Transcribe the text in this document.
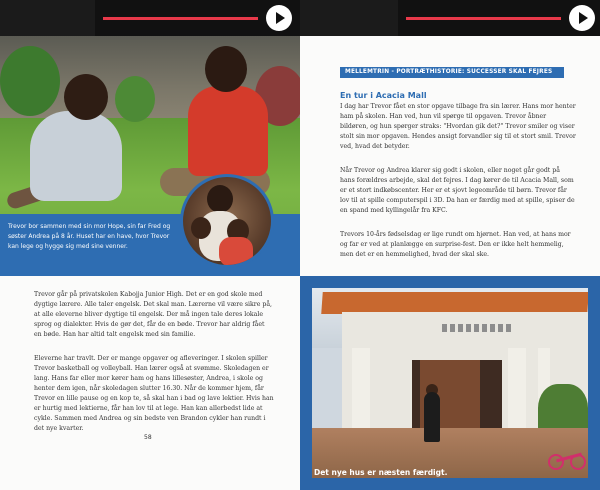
Trevor bor sammen med sin mor Hope, sin far Fred og søster Andrea på 8 år. Huset har en have, hvor Trevor kan lege og hygge sig med sine venner.
MELLEMTRIN - PORTRÆTHISTORIE: SUCCESSER SKAL FEJRES
En tur i Acacia Mall
I dag har Trevor fået en stor opgave tilbage fra sin lærer. Hans mor henter ham på skolen. Han ved, hun vil spørge til opgaven. Trevor åbner bildøren, og hun spørger straks: "Hvordan gik det?" Trevor smiler og viser stolt sin mor opgaven. Hendes ansigt forvandler sig til et stort smil. Trevor ved, hvad det betyder.
Når Trevor og Andrea klarer sig godt i skolen, eller noget går godt på hans forældres arbejde, skal det fejres. I dag kører de til Acacia Mall, som er et stort indkøbscenter. Her er et sjovt legeområde til børn. Trevor får lov til at spille computerspil i 3D. Da han er færdig med at spille, spiser de en spand med kyllingelår fra KFC.
Trevors 10-års fødselsdag er lige rundt om hjørnet. Han ved, at hans mor og far er ved at planlægge en surprise-fest. Den er ikke helt hemmelig, men det er en hemmelighed, hvad der skal ske.
Trevor går på privatskolen Kabojja Junior High. Det er en god skole med dygtige lærere. Alle taler engelsk. Det skal man. Lærerne vil være sikre på, at alle eleverne bliver dygtige til engelsk. Der må ingen tale deres lokale sprog og dialekter. Hvis de gør det, får de en bøde. Trevor har aldrig fået en bøde. Han har altid talt engelsk med sin familie.
Eleverne har travlt. Der er mange opgaver og afleveringer. I skolen spiller Trevor basketball og volleyball. Han lærer også at svømme. Skoledagen er lang. Hans far eller mor kører ham og hans lillesøster, Andrea, i skole og henter dem igen, når skoledagen slutter 16.30. Når de kommer hjem, får Trevor en lille pause og en kop te, så skal han i bad og lave lektier. Hvis han er hurtig med lektierne, får han lov til at lege. Han kan allerbedst lide at cykle. Sammen med Andrea og sin bedste ven Brandon cykler han rundt i det nye kvarter.
58
Det nye hus er næsten færdigt.
